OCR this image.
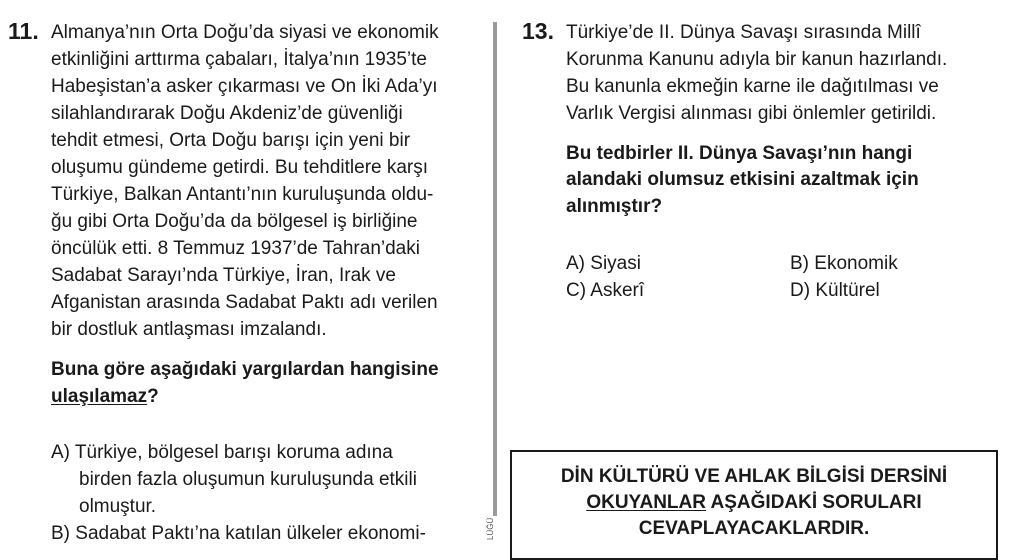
11. Almanya’nın Orta Doğu’da siyasi ve ekonomik
etkinliğini arttırma çabaları, İtalya’nın 1935’te
Habeşistan’a asker çıkarması ve On İki Ada’yı
silahlandırarak Doğu Akdeniz’de güvenliği
tehdit etmesi, Orta Doğu barışı için yeni bir
oluşumu gündeme getirdi. Bu tehditlere karşı
Türkiye, Balkan Antantı’nın kuruluşunda oldu-
ğu gibi Orta Doğu’da da bölgesel iş birliğine
öncülük etti. 8 Temmuz 1937’de Tahran’daki
Sadabat Sarayı’nda Türkiye, İran, Irak ve
Afganistan arasında Sadabat Paktı adı verilen
bir dostluk antlaşması imzalandı.
Buna göre aşağıdaki yargılardan hangisine
ulaşılamaz?
A) Türkiye, bölgesel barışı koruma adına
birden fazla oluşumun kuruluşunda etkili
olmuştur.
B) Sadabat Paktı’na katılan ülkeler ekonomi-	LÜĞÜ
13. Türkiye’de II. Dünya Savaşı sırasında Millî
Korunma Kanunu adıyla bir kanun hazırlandı.
Bu kanunla ekmeğin karne ile dağıtılması ve
Varlık Vergisi alınması gibi önlemler getirildi.
Bu tedbirler II. Dünya Savaşı’nın hangi
alandaki olumsuz etkisini azaltmak için
alınmıştır?
A) Siyasi	B) Ekonomik
C) Askerî	D) Kültürel
DİN KÜLTÜRÜ VE AHLAK BİLGİSİ DERSİNİ
OKUYANLAR AŞAĞIDAKİ SORULARI
CEVAPLAYACAKLARDIR.
